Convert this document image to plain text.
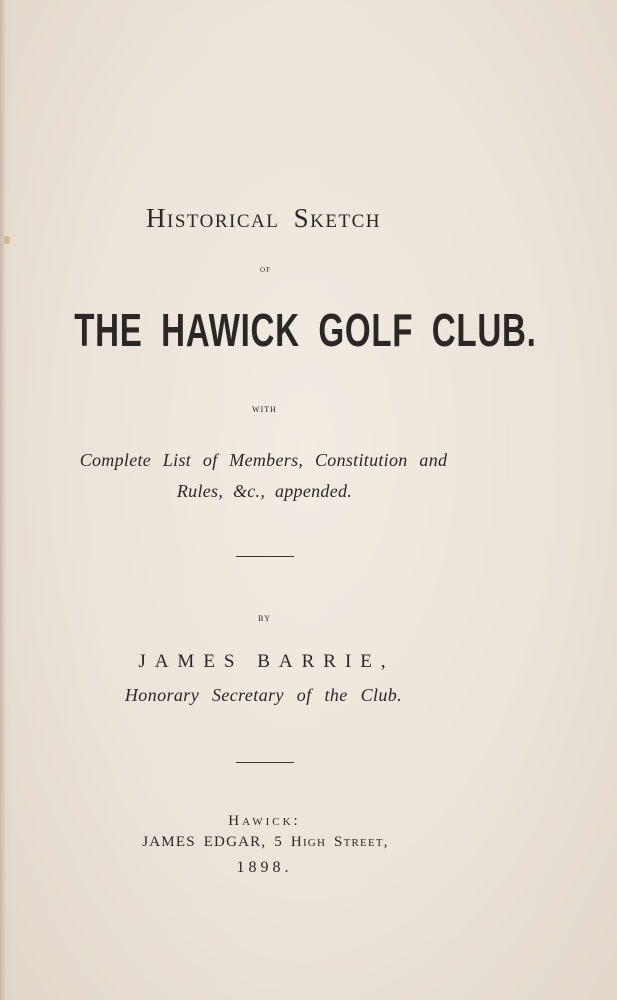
Historical Sketch

of

THE HAWICK GOLF CLUB.

with

Complete List of Members, Constitution and

Rules, &c., appended.

by

JAMES BARRIE,

Honorary Secretary of the Club.

Hawick:

JAMES EDGAR, 5 High Street,

1898.
